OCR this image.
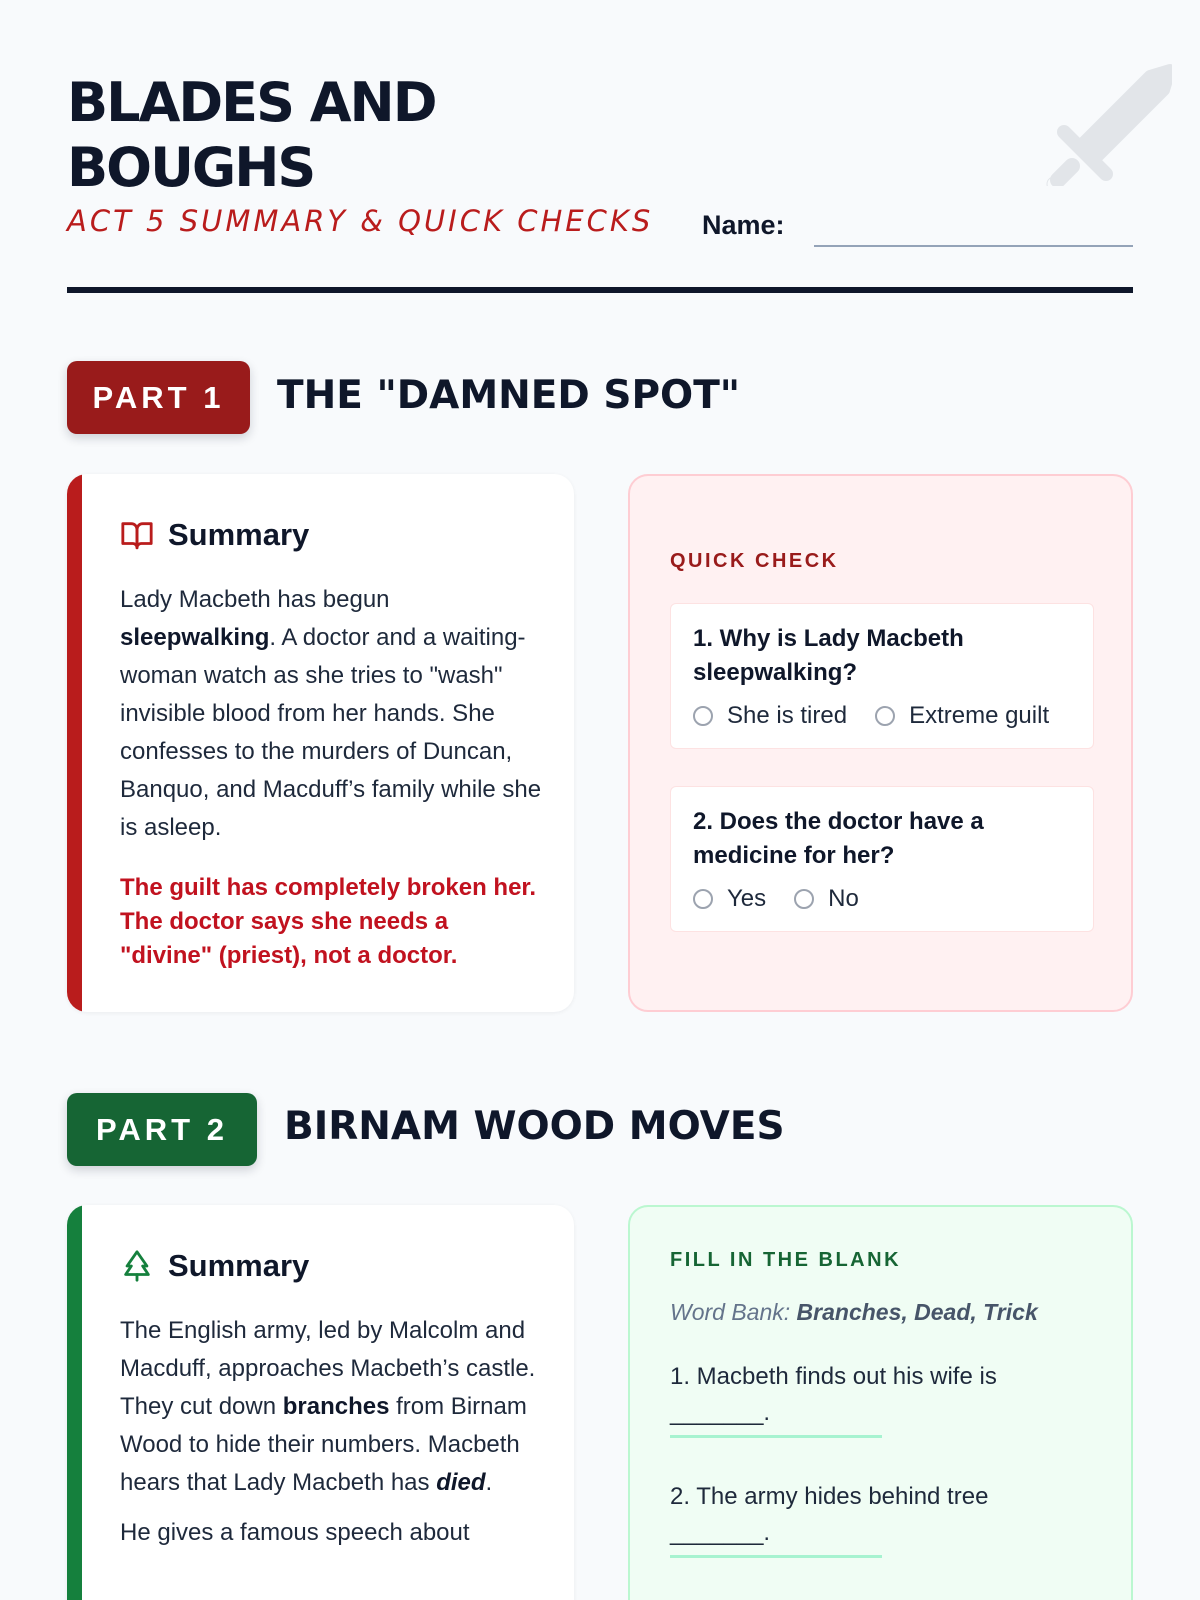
BLADES AND BOUGHS
ACT 5 SUMMARY & QUICK CHECKS Name:
PART 1	THE "DAMNED SPOT"
Summary

Lady Macbeth has begun sleepwalking. A doctor and a waiting-woman watch as she tries to "wash" invisible blood from her hands. She confesses to the murders of Duncan, Banquo, and Macduff’s family while she is asleep.

The guilt has completely broken her. The doctor says she needs a "divine" (priest), not a doctor.

QUICK CHECK
1. Why is Lady Macbeth sleepwalking?
She is tired	Extreme guilt
2. Does the doctor have a medicine for her?
Yes	No
PART 2	BIRNAM WOOD MOVES
Summary

The English army, led by Malcolm and Macduff, approaches Macbeth’s castle. They cut down branches from Birnam Wood to hide their numbers. Macbeth hears that Lady Macbeth has died.

He gives a famous speech about

FILL IN THE BLANK
Word Bank: Branches, Dead, Trick
1. Macbeth finds out his wife is _______.
2. The army hides behind tree _______.
